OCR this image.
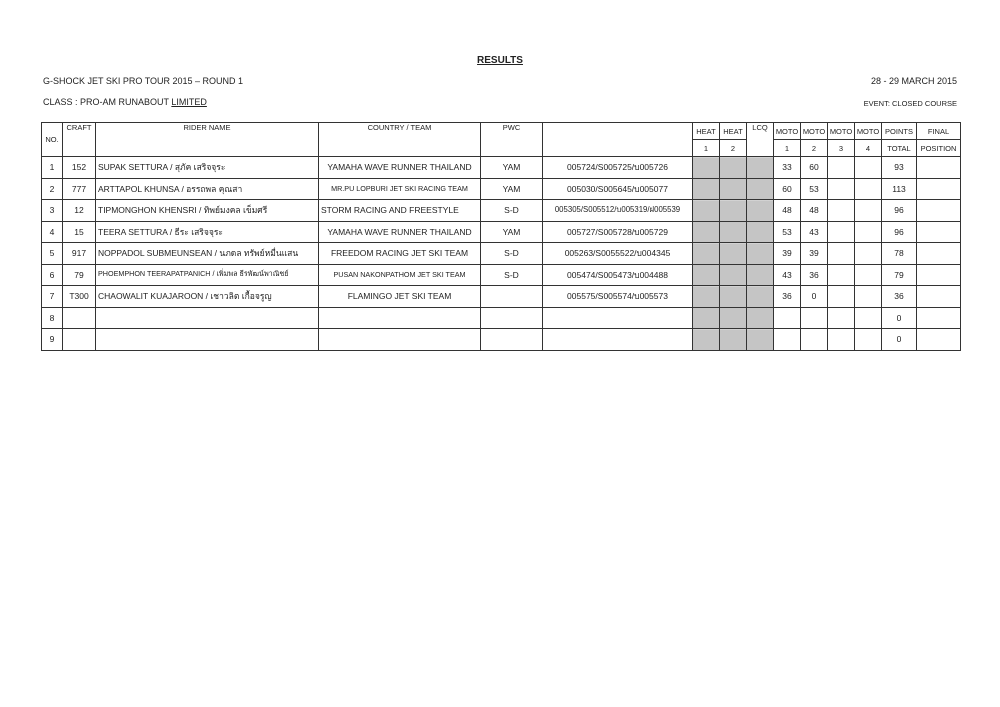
RESULTS
G-SHOCK JET SKI PRO TOUR 2015 – ROUND 1	28 - 29 MARCH 2015
CLASS : PRO-AM RUNABOUT LIMITED	EVENT: CLOSED COURSE
NO.	CRAFT	RIDER NAME	COUNTRY / TEAM	PWC		HEAT	HEAT	LCQ	MOTO	MOTO	MOTO	MOTO	POINTS	FINAL
						1	2		1	2	3	4	TOTAL	POSITION
1	152	SUPAK SETTURA / สุภัค เสริจจุระ	YAMAHA WAVE RUNNER THAILAND	YAM	005724/S005725/บ005726				33	60			93	
2	777	ARTTAPOL KHUNSA / อรรถพล คุณสา	MR.PU LOPBURI JET SKI RACING TEAM	YAM	005030/S005645/บ005077				60	53			113	
3	12	TIPMONGHON KHENSRI / ทิพย์มงคล เข็มศรี	STORM RACING AND FREESTYLE	S-D	005305/S005512/บ005319/ฝ005539				48	48			96	
4	15	TEERA SETTURA / ธีระ เสริจจุระ	YAMAHA WAVE RUNNER THAILAND	YAM	005727/S005728/บ005729				53	43			96	
5	917	NOPPADOL SUBMEUNSEAN / นภดล ทรัพย์หมื่นแสน	FREEDOM RACING JET SKI TEAM	S-D	005263/S0055522/บ004345				39	39			78	
6	79	PHOEMPHON TEERAPATPANICH / เพิ่มพล ธีรพัฒน์พาณิชย์	PUSAN NAKONPATHOM JET SKI TEAM	S-D	005474/S005473/บ004488				43	36			79	
7	T300	CHAOWALIT KUAJAROON / เชาวลิต เกื้อจรูญ	FLAMINGO JET SKI TEAM		005575/S005574/บ005573				36	0			36	
8													0	
9													0	
